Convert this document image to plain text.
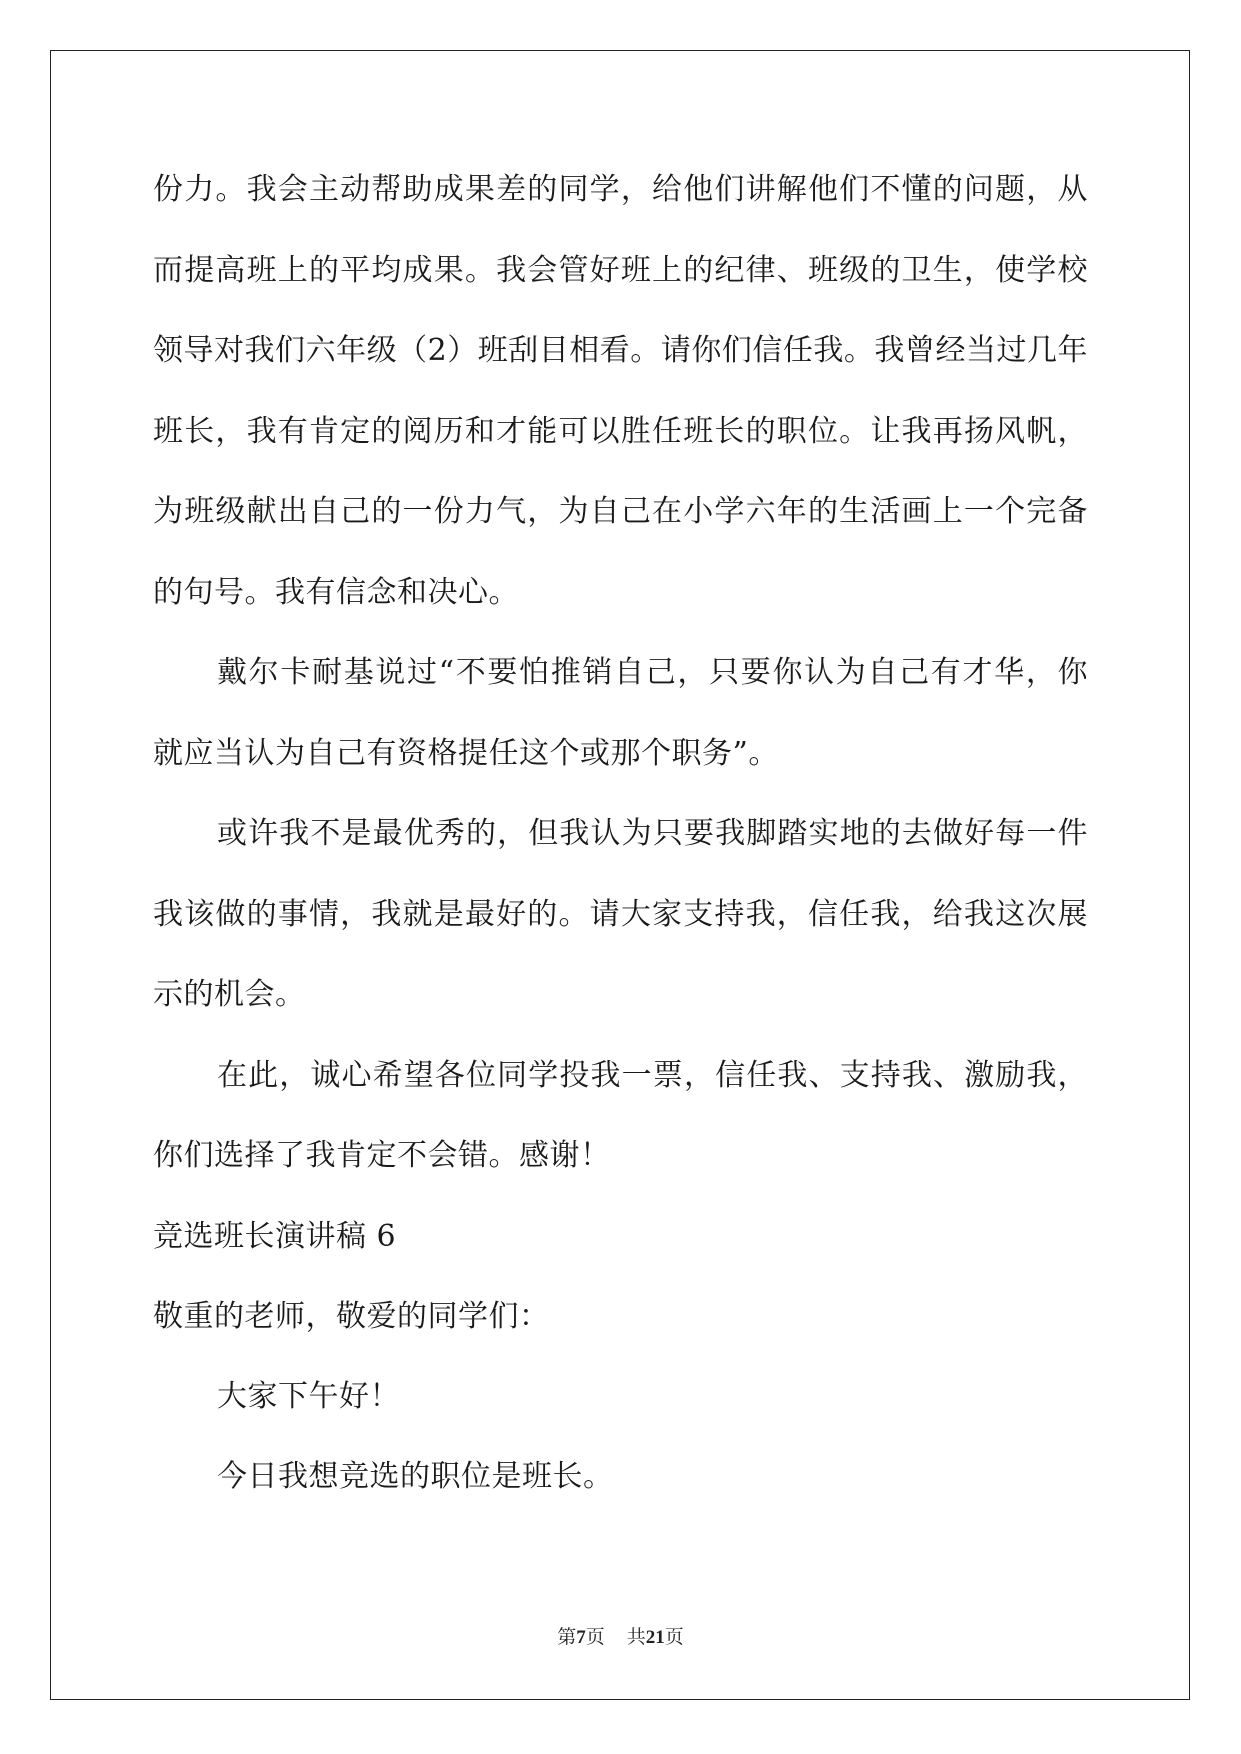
份力。我会主动帮助成果差的同学，给他们讲解他们不懂的问题，从
而提高班上的平均成果。我会管好班上的纪律、班级的卫生，使学校
领导对我们六年级（2）班刮目相看。请你们信任我。我曾经当过几年
班长，我有肯定的阅历和才能可以胜任班长的职位。让我再扬风帆，
为班级献出自己的一份力气，为自己在小学六年的生活画上一个完备
的句号。我有信念和决心。
戴尔卡耐基说过“不要怕推销自己，只要你认为自己有才华，你
就应当认为自己有资格提任这个或那个职务”。
或许我不是最优秀的，但我认为只要我脚踏实地的去做好每一件
我该做的事情，我就是最好的。请大家支持我，信任我，给我这次展
示的机会。
在此，诚心希望各位同学投我一票，信任我、支持我、激励我，
你们选择了我肯定不会错。感谢！
竞选班长演讲稿 6
敬重的老师，敬爱的同学们：
大家下午好！
今日我想竞选的职位是班长。
第7页 共21页
